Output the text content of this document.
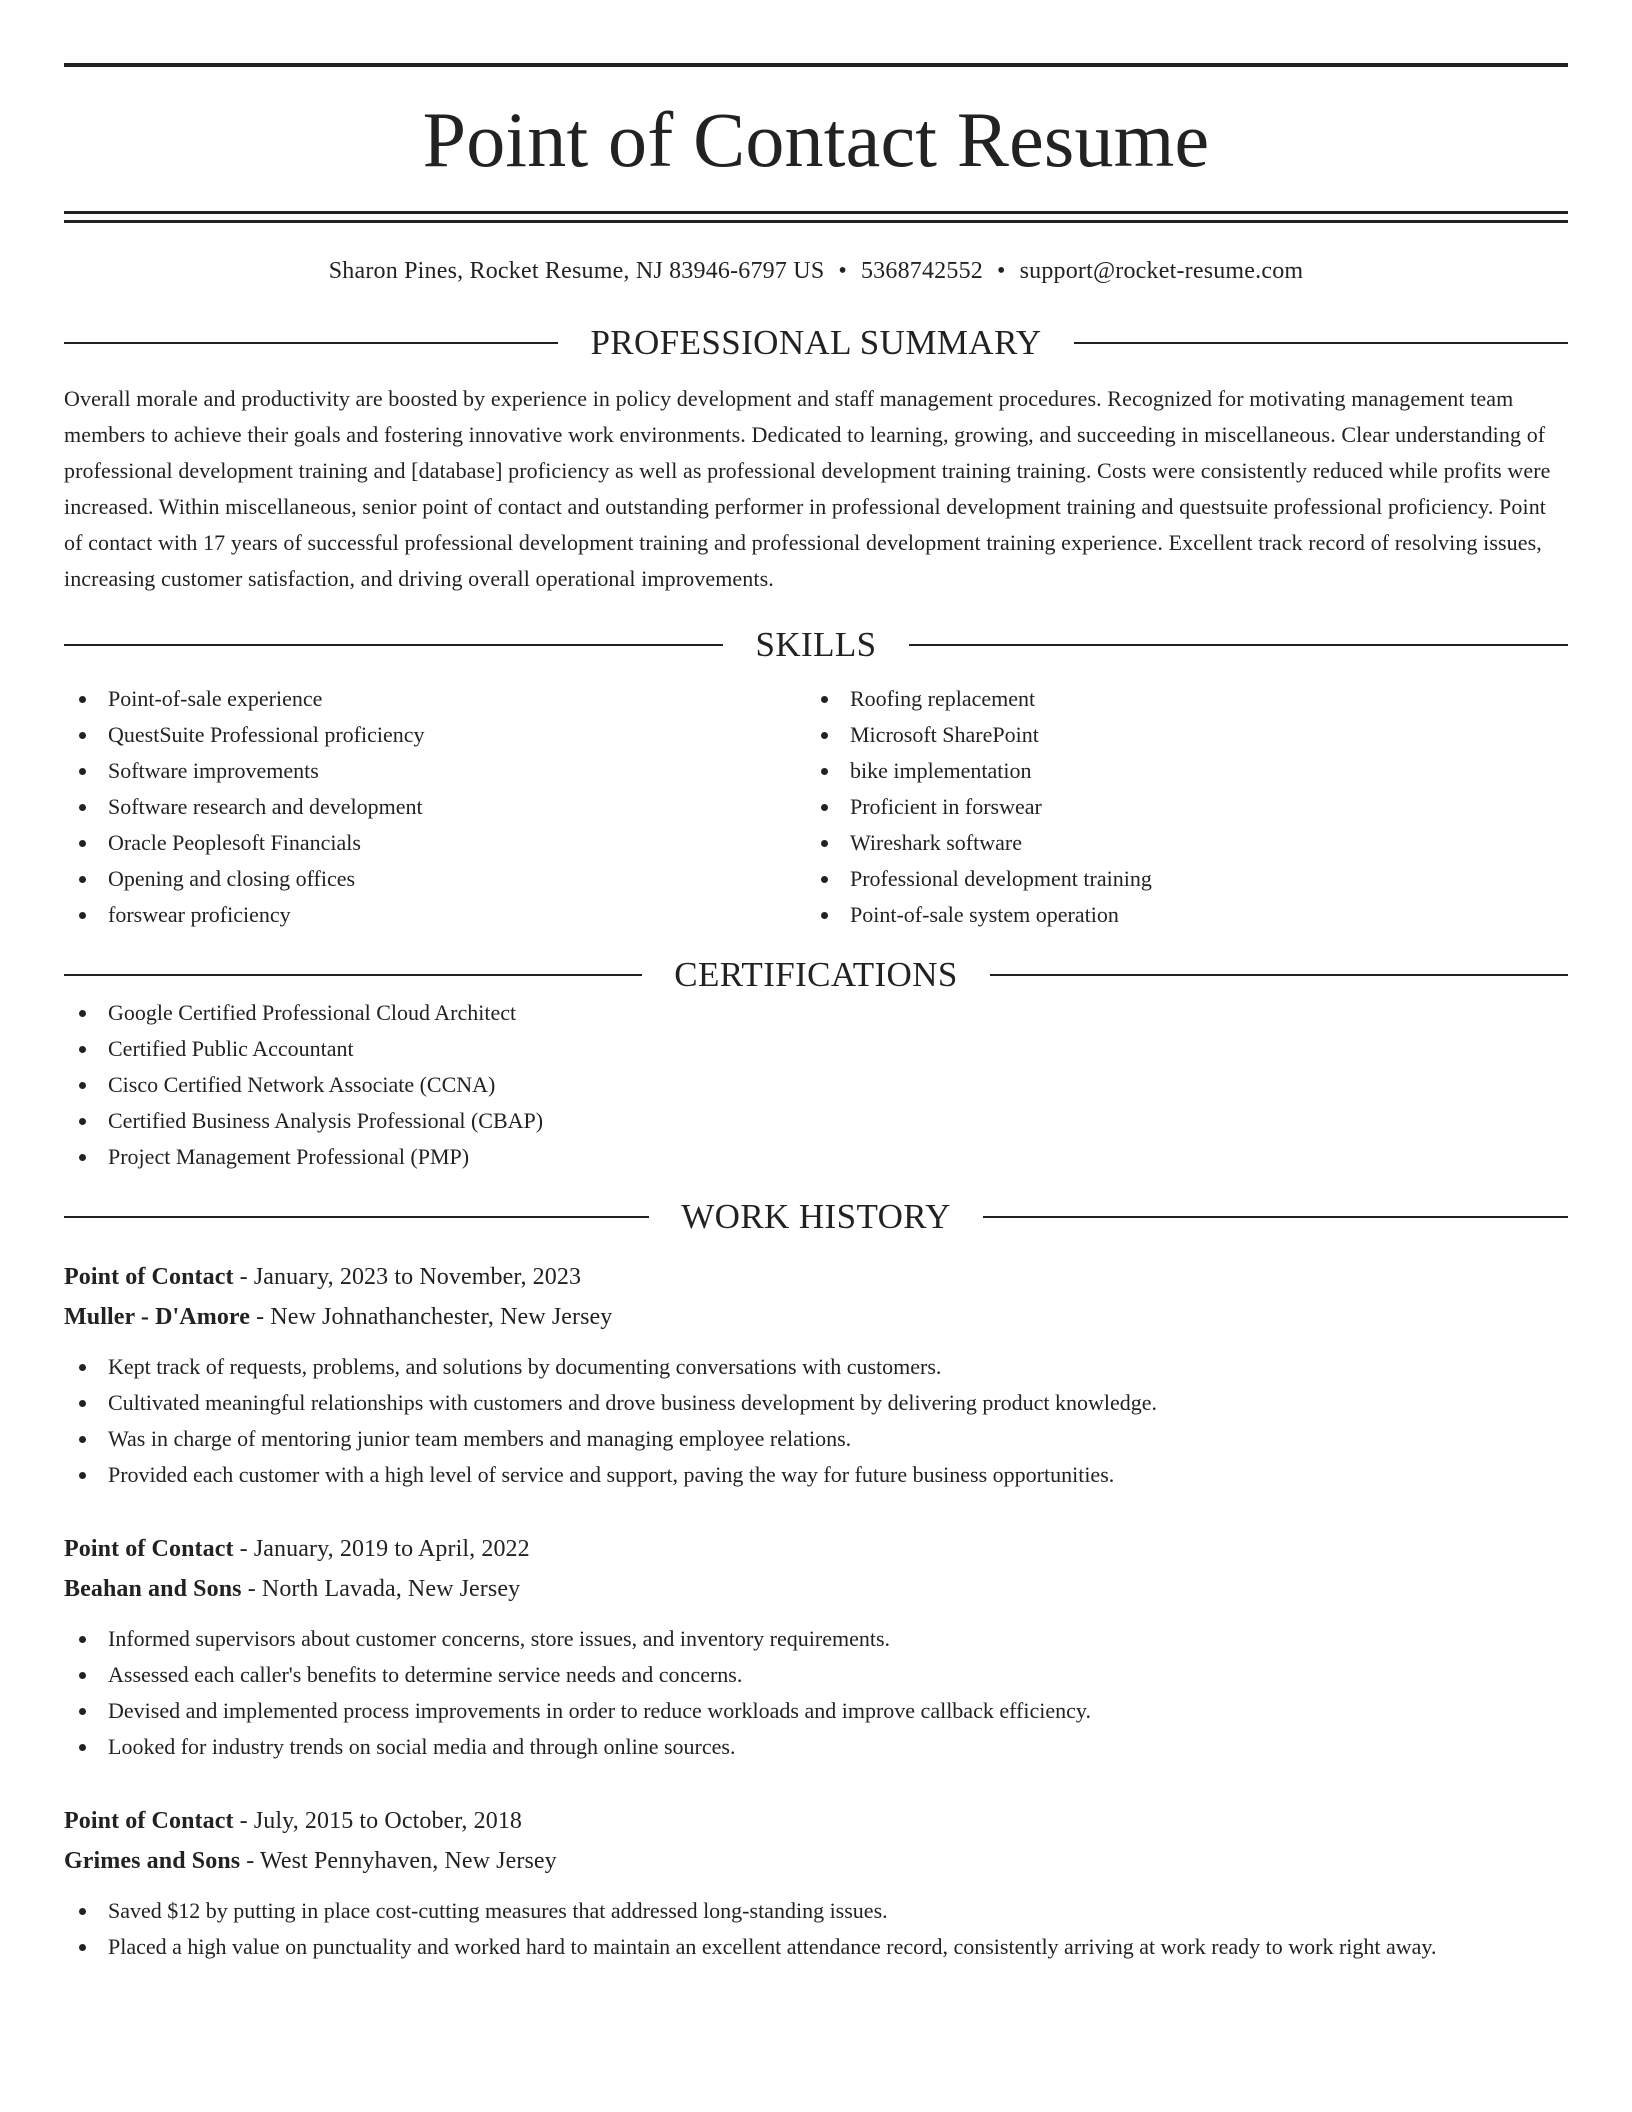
Point of Contact Resume
Sharon Pines, Rocket Resume, NJ 83946-6797 US • 5368742552 • support@rocket-resume.com
PROFESSIONAL SUMMARY

Overall morale and productivity are boosted by experience in policy development and staff management procedures. Recognized for motivating management team members to achieve their goals and fostering innovative work environments. Dedicated to learning, growing, and succeeding in miscellaneous. Clear understanding of professional development training and [database] proficiency as well as professional development training training. Costs were consistently reduced while profits were increased. Within miscellaneous, senior point of contact and outstanding performer in professional development training and questsuite professional proficiency. Point of contact with 17 years of successful professional development training and professional development training experience. Excellent track record of resolving issues, increasing customer satisfaction, and driving overall operational improvements.

SKILLS
Point-of-sale experience
QuestSuite Professional proficiency
Software improvements
Software research and development
Oracle Peoplesoft Financials
Opening and closing offices
forswear proficiency
Roofing replacement
Microsoft SharePoint
bike implementation
Proficient in forswear
Wireshark software
Professional development training
Point-of-sale system operation
CERTIFICATIONS
Google Certified Professional Cloud Architect
Certified Public Accountant
Cisco Certified Network Associate (CCNA)
Certified Business Analysis Professional (CBAP)
Project Management Professional (PMP)
WORK HISTORY
Point of Contact - January, 2023 to November, 2023
Muller - D'Amore - New Johnathanchester, New Jersey
Kept track of requests, problems, and solutions by documenting conversations with customers.
Cultivated meaningful relationships with customers and drove business development by delivering product knowledge.
Was in charge of mentoring junior team members and managing employee relations.
Provided each customer with a high level of service and support, paving the way for future business opportunities.
Point of Contact - January, 2019 to April, 2022
Beahan and Sons - North Lavada, New Jersey
Informed supervisors about customer concerns, store issues, and inventory requirements.
Assessed each caller's benefits to determine service needs and concerns.
Devised and implemented process improvements in order to reduce workloads and improve callback efficiency.
Looked for industry trends on social media and through online sources.
Point of Contact - July, 2015 to October, 2018
Grimes and Sons - West Pennyhaven, New Jersey
Saved $12 by putting in place cost-cutting measures that addressed long-standing issues.
Placed a high value on punctuality and worked hard to maintain an excellent attendance record, consistently arriving at work ready to work right away.
